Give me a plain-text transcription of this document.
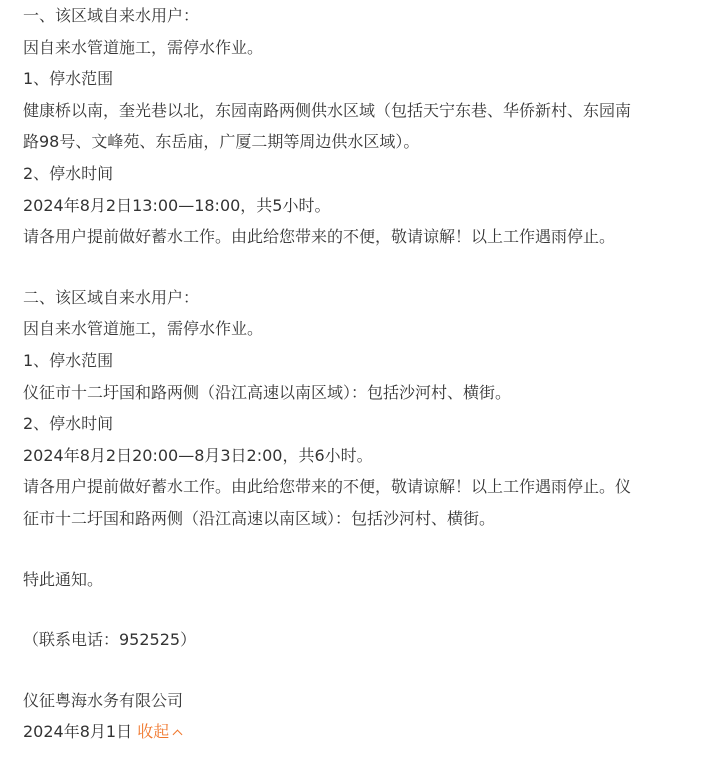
一、该区域自来水用户：
因自来水管道施工，需停水作业。
1、停水范围
健康桥以南，奎光巷以北，东园南路两侧供水区域（包括天宁东巷、华侨新村、东园南
路98号、文峰苑、东岳庙，广厦二期等周边供水区域）。
2、停水时间
2024年8月2日13:00—18:00，共5小时。
请各用户提前做好蓄水工作。由此给您带来的不便，敬请谅解！以上工作遇雨停止。
二、该区域自来水用户：
因自来水管道施工，需停水作业。
1、停水范围
仪征市十二圩国和路两侧（沿江高速以南区域）：包括沙河村、横街。
2、停水时间
2024年8月2日20:00—8月3日2:00，共6小时。
请各用户提前做好蓄水工作。由此给您带来的不便，敬请谅解！以上工作遇雨停止。仪
征市十二圩国和路两侧（沿江高速以南区域）：包括沙河村、横街。
特此通知。
（联系电话：952525）
仪征粤海水务有限公司
2024年8月1日 收起
